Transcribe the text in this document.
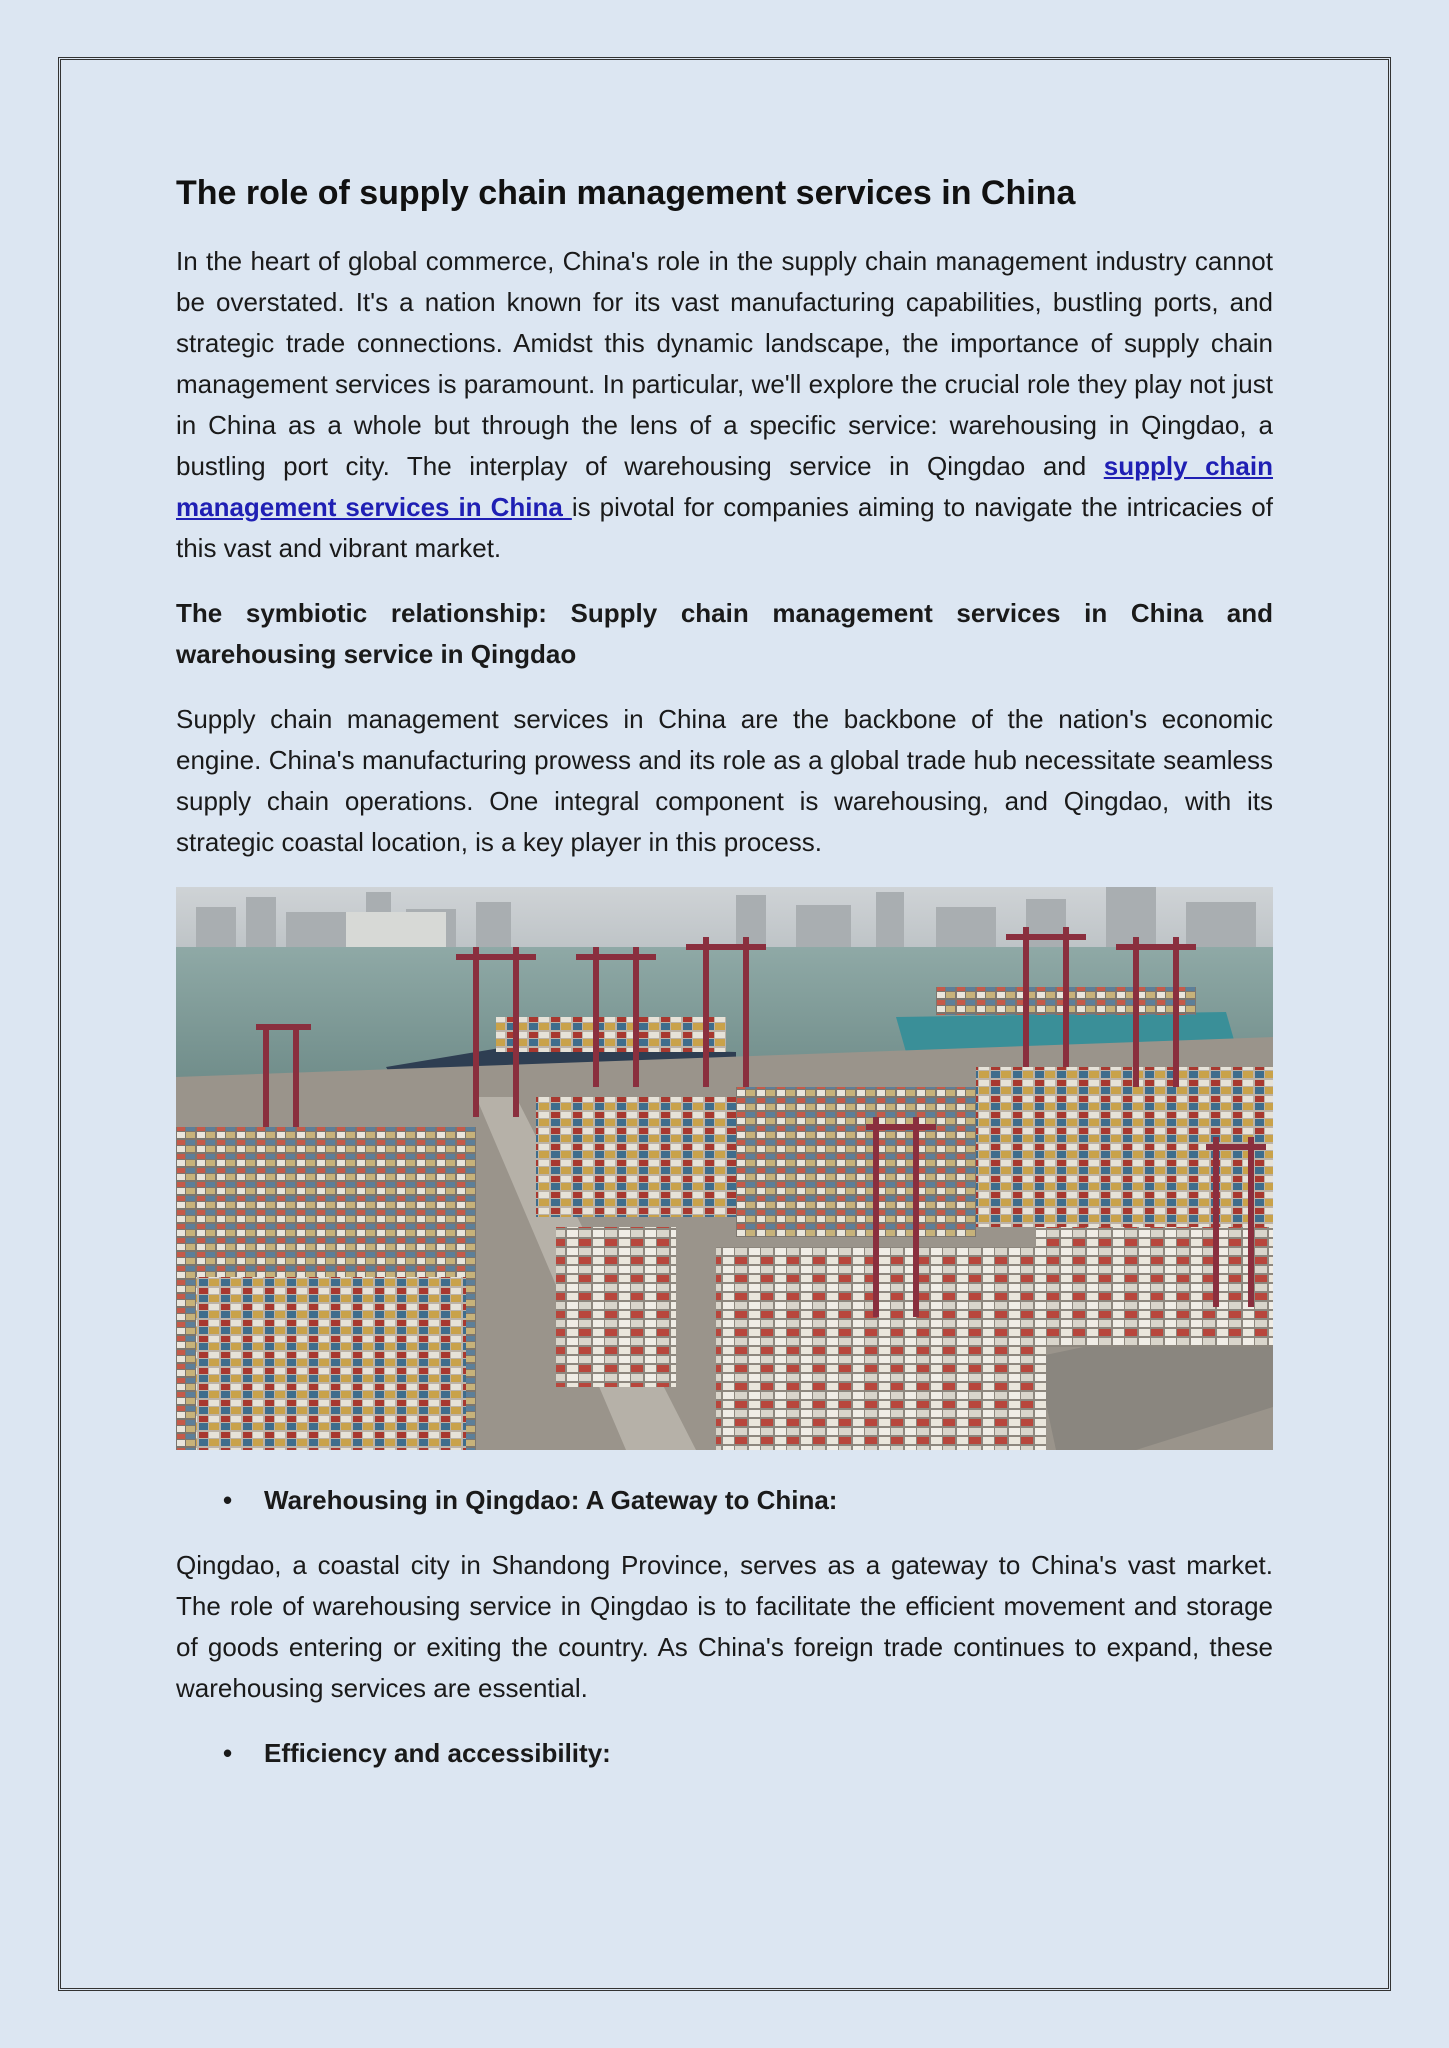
The role of supply chain management services in China

In the heart of global commerce, China's role in the supply chain management industry cannot be overstated. It's a nation known for its vast manufacturing capabilities, bustling ports, and strategic trade connections. Amidst this dynamic landscape, the importance of supply chain management services is paramount. In particular, we'll explore the crucial role they play not just in China as a whole but through the lens of a specific service: warehousing in Qingdao, a bustling port city. The interplay of warehousing service in Qingdao and supply chain management services in China is pivotal for companies aiming to navigate the intricacies of this vast and vibrant market.

The symbiotic relationship: Supply chain management services in China and warehousing service in Qingdao

Supply chain management services in China are the backbone of the nation's economic engine. China's manufacturing prowess and its role as a global trade hub necessitate seamless supply chain operations. One integral component is warehousing, and Qingdao, with its strategic coastal location, is a key player in this process.

• Warehousing in Qingdao: A Gateway to China:

Qingdao, a coastal city in Shandong Province, serves as a gateway to China's vast market. The role of warehousing service in Qingdao is to facilitate the efficient movement and storage of goods entering or exiting the country. As China's foreign trade continues to expand, these warehousing services are essential.

• Efficiency and accessibility:
